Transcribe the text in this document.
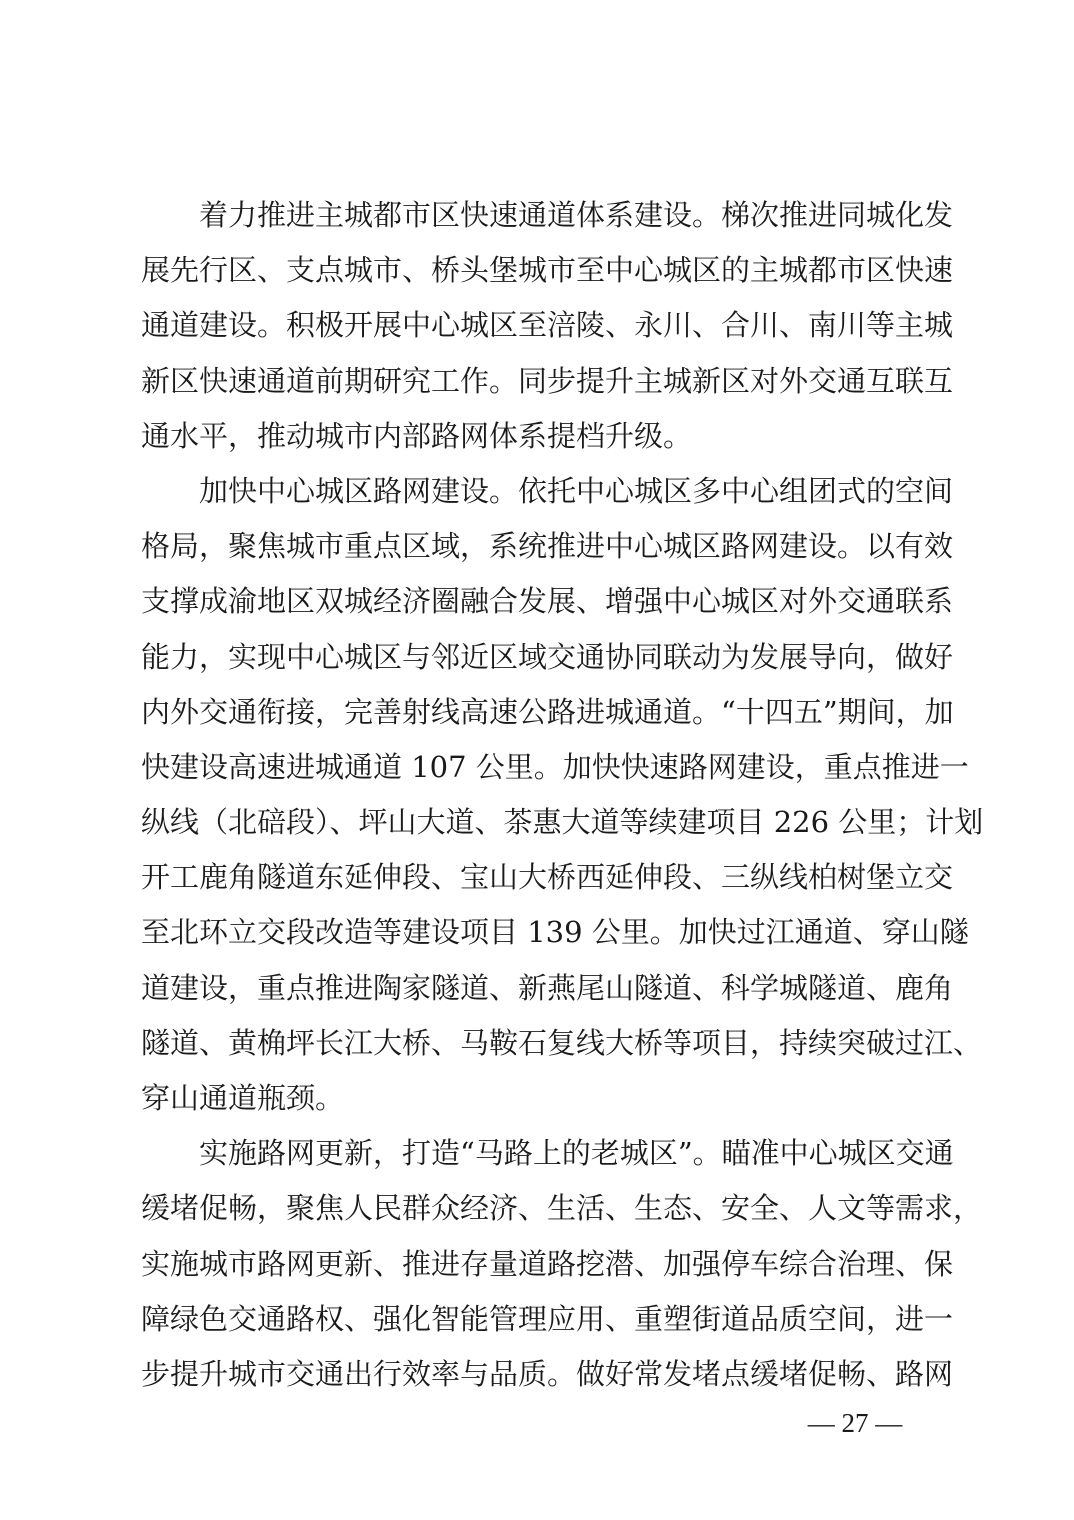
着力推进主城都市区快速通道体系建设。梯次推进同城化发
展先行区、支点城市、桥头堡城市至中心城区的主城都市区快速
通道建设。积极开展中心城区至涪陵、永川、合川、南川等主城
新区快速通道前期研究工作。同步提升主城新区对外交通互联互
通水平，推动城市内部路网体系提档升级。
加快中心城区路网建设。依托中心城区多中心组团式的空间
格局，聚焦城市重点区域，系统推进中心城区路网建设。以有效
支撑成渝地区双城经济圈融合发展、增强中心城区对外交通联系
能力，实现中心城区与邻近区域交通协同联动为发展导向，做好
内外交通衔接，完善射线高速公路进城通道。“十四五”期间，加
快建设高速进城通道 107 公里。加快快速路网建设，重点推进一
纵线（北碚段）、坪山大道、茶惠大道等续建项目 226 公里；计划
开工鹿角隧道东延伸段、宝山大桥西延伸段、三纵线柏树堡立交
至北环立交段改造等建设项目 139 公里。加快过江通道、穿山隧
道建设，重点推进陶家隧道、新燕尾山隧道、科学城隧道、鹿角
隧道、黄桷坪长江大桥、马鞍石复线大桥等项目，持续突破过江、
穿山通道瓶颈。
实施路网更新，打造“马路上的老城区”。瞄准中心城区交通
缓堵促畅，聚焦人民群众经济、生活、生态、安全、人文等需求，
实施城市路网更新、推进存量道路挖潜、加强停车综合治理、保
障绿色交通路权、强化智能管理应用、重塑街道品质空间，进一
步提升城市交通出行效率与品质。做好常发堵点缓堵促畅、路网
— 27 —
